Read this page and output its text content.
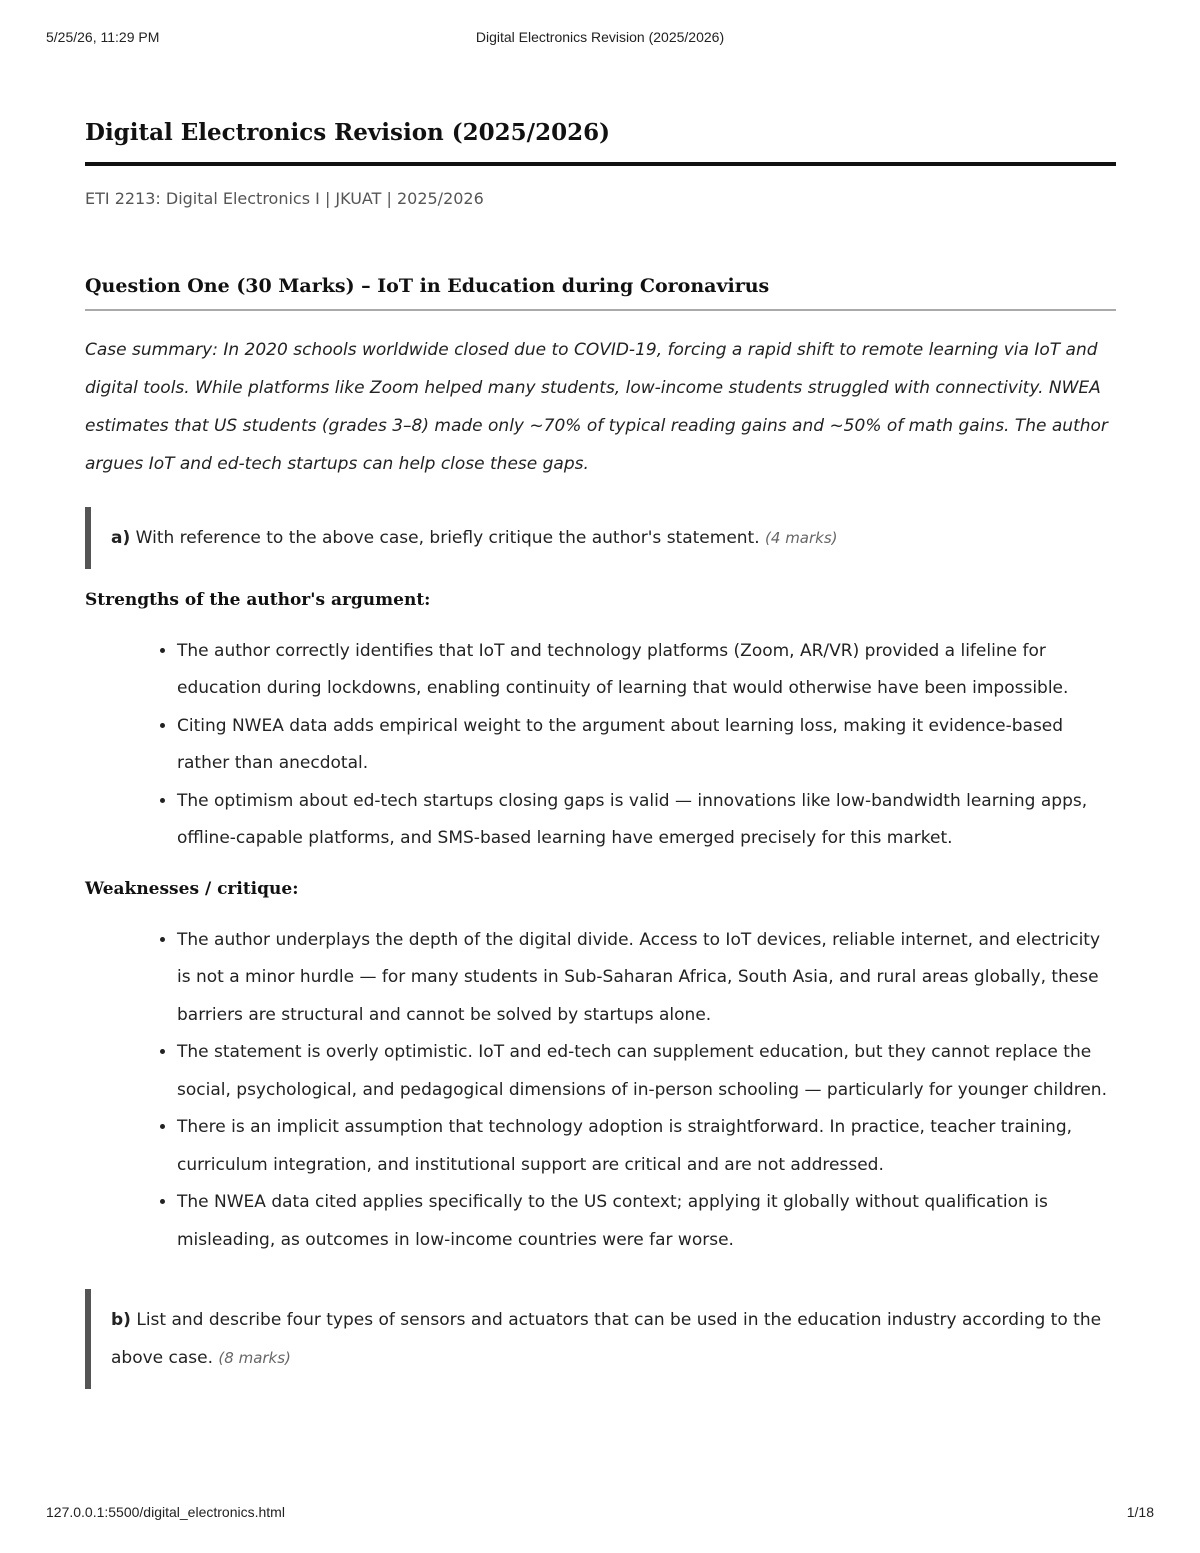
5/25/26, 11:29 PM	Digital Electronics Revision (2025/2026)
Digital Electronics Revision (2025/2026)
ETI 2213: Digital Electronics I | JKUAT | 2025/2026
Question One (30 Marks) – IoT in Education during Coronavirus

Case summary: In 2020 schools worldwide closed due to COVID-19, forcing a rapid shift to remote learning via IoT and digital tools. While platforms like Zoom helped many students, low-income students struggled with connectivity. NWEA estimates that US students (grades 3–8) made only ~70% of typical reading gains and ~50% of math gains. The author argues IoT and ed-tech startups can help close these gaps.

a) With reference to the above case, briefly critique the author's statement. (4 marks)
Strengths of the author's argument:
• The author correctly identifies that IoT and technology platforms (Zoom, AR/VR) provided a lifeline for education during lockdowns, enabling continuity of learning that would otherwise have been impossible.
• Citing NWEA data adds empirical weight to the argument about learning loss, making it evidence-based rather than anecdotal.
• The optimism about ed-tech startups closing gaps is valid — innovations like low-bandwidth learning apps, offline-capable platforms, and SMS-based learning have emerged precisely for this market.
Weaknesses / critique:
• The author underplays the depth of the digital divide. Access to IoT devices, reliable internet, and electricity is not a minor hurdle — for many students in Sub-Saharan Africa, South Asia, and rural areas globally, these barriers are structural and cannot be solved by startups alone.
• The statement is overly optimistic. IoT and ed-tech can supplement education, but they cannot replace the social, psychological, and pedagogical dimensions of in-person schooling — particularly for younger children.
• There is an implicit assumption that technology adoption is straightforward. In practice, teacher training, curriculum integration, and institutional support are critical and are not addressed.
• The NWEA data cited applies specifically to the US context; applying it globally without qualification is misleading, as outcomes in low-income countries were far worse.
b) List and describe four types of sensors and actuators that can be used in the education industry according to the above case. (8 marks)
127.0.0.1:5500/digital_electronics.html	1/18
